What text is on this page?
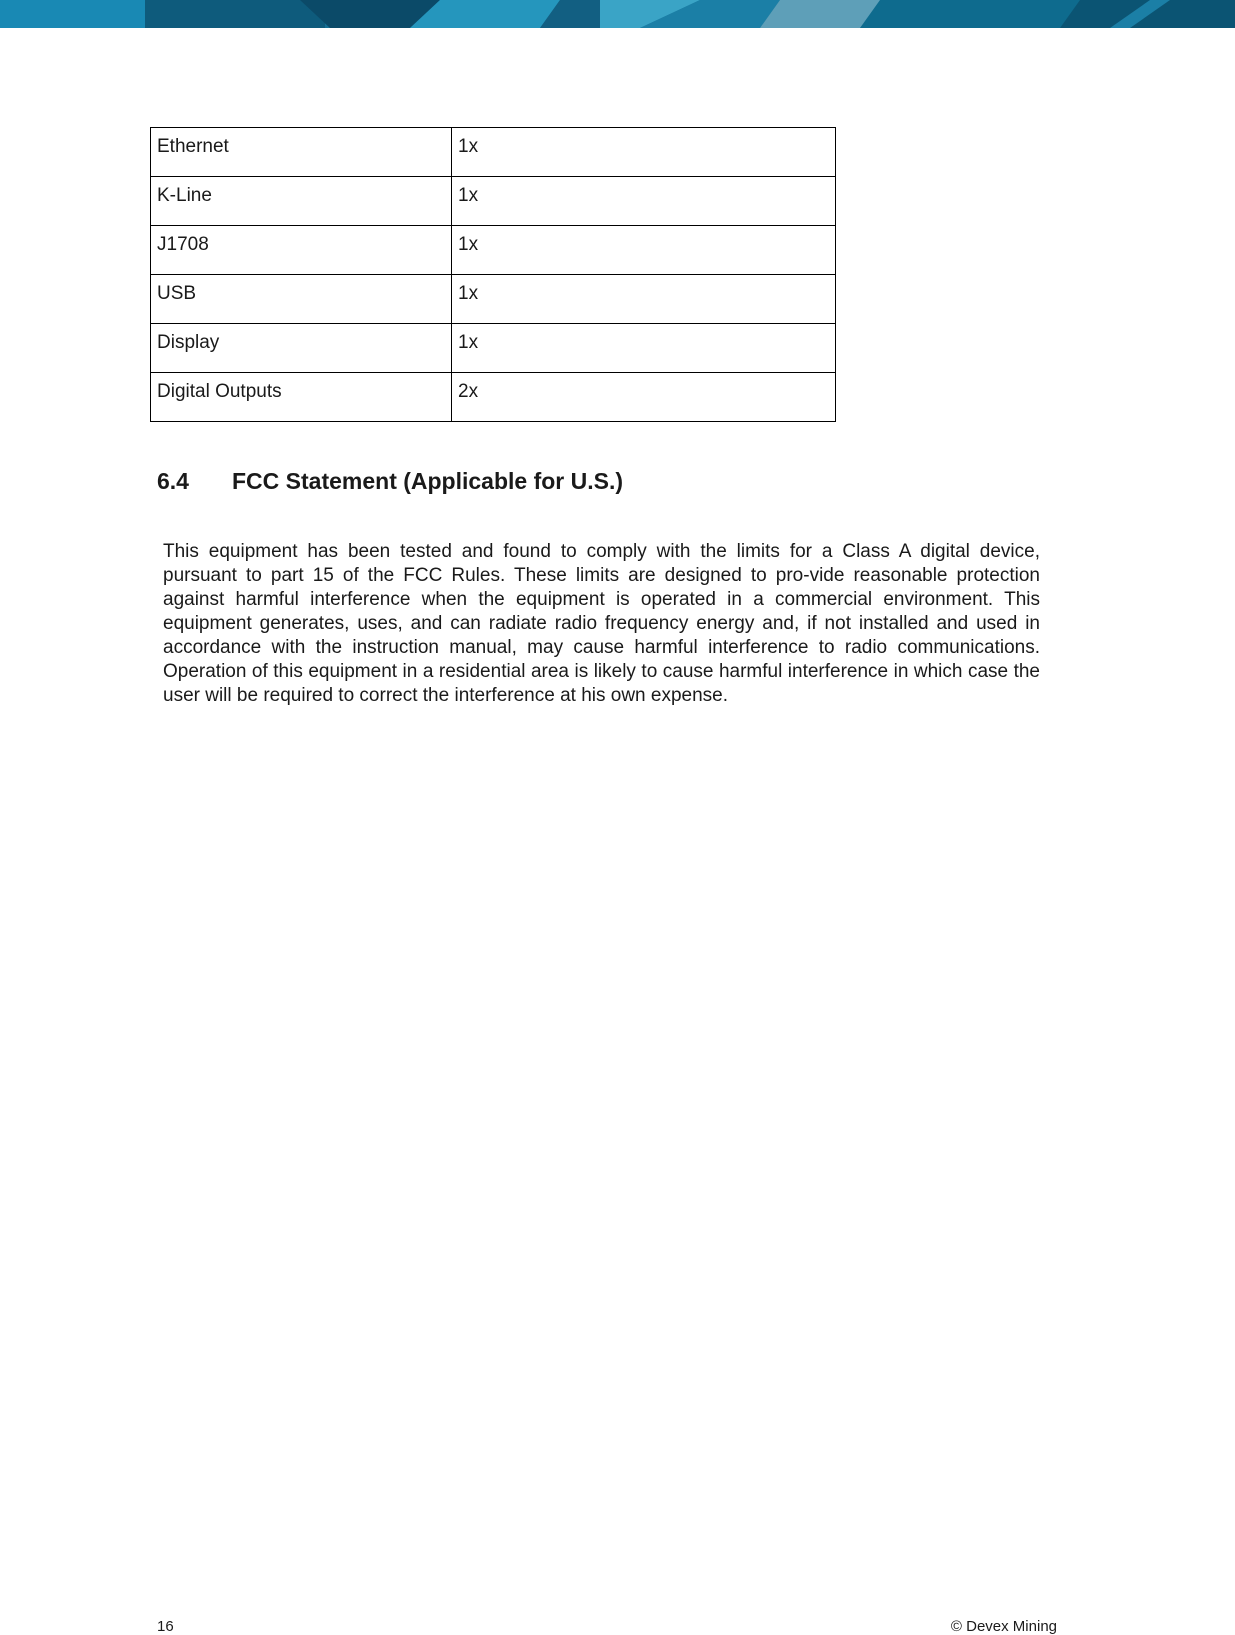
Ethernet	1x
K-Line	1x
J1708	1x
USB	1x
Display	1x
Digital Outputs	2x
6.4 FCC Statement (Applicable for U.S.)

This equipment has been tested and found to comply with the limits for a Class A digital device, pursuant to part 15 of the FCC Rules. These limits are designed to pro-vide reasonable protection against harmful interference when the equipment is operated in a commercial environment. This equipment generates, uses, and can radiate radio frequency energy and, if not installed and used in accordance with the instruction manual, may cause harmful interference to radio communications. Operation of this equipment in a residential area is likely to cause harmful interference in which case the user will be required to correct the interference at his own expense.

16	© Devex Mining
